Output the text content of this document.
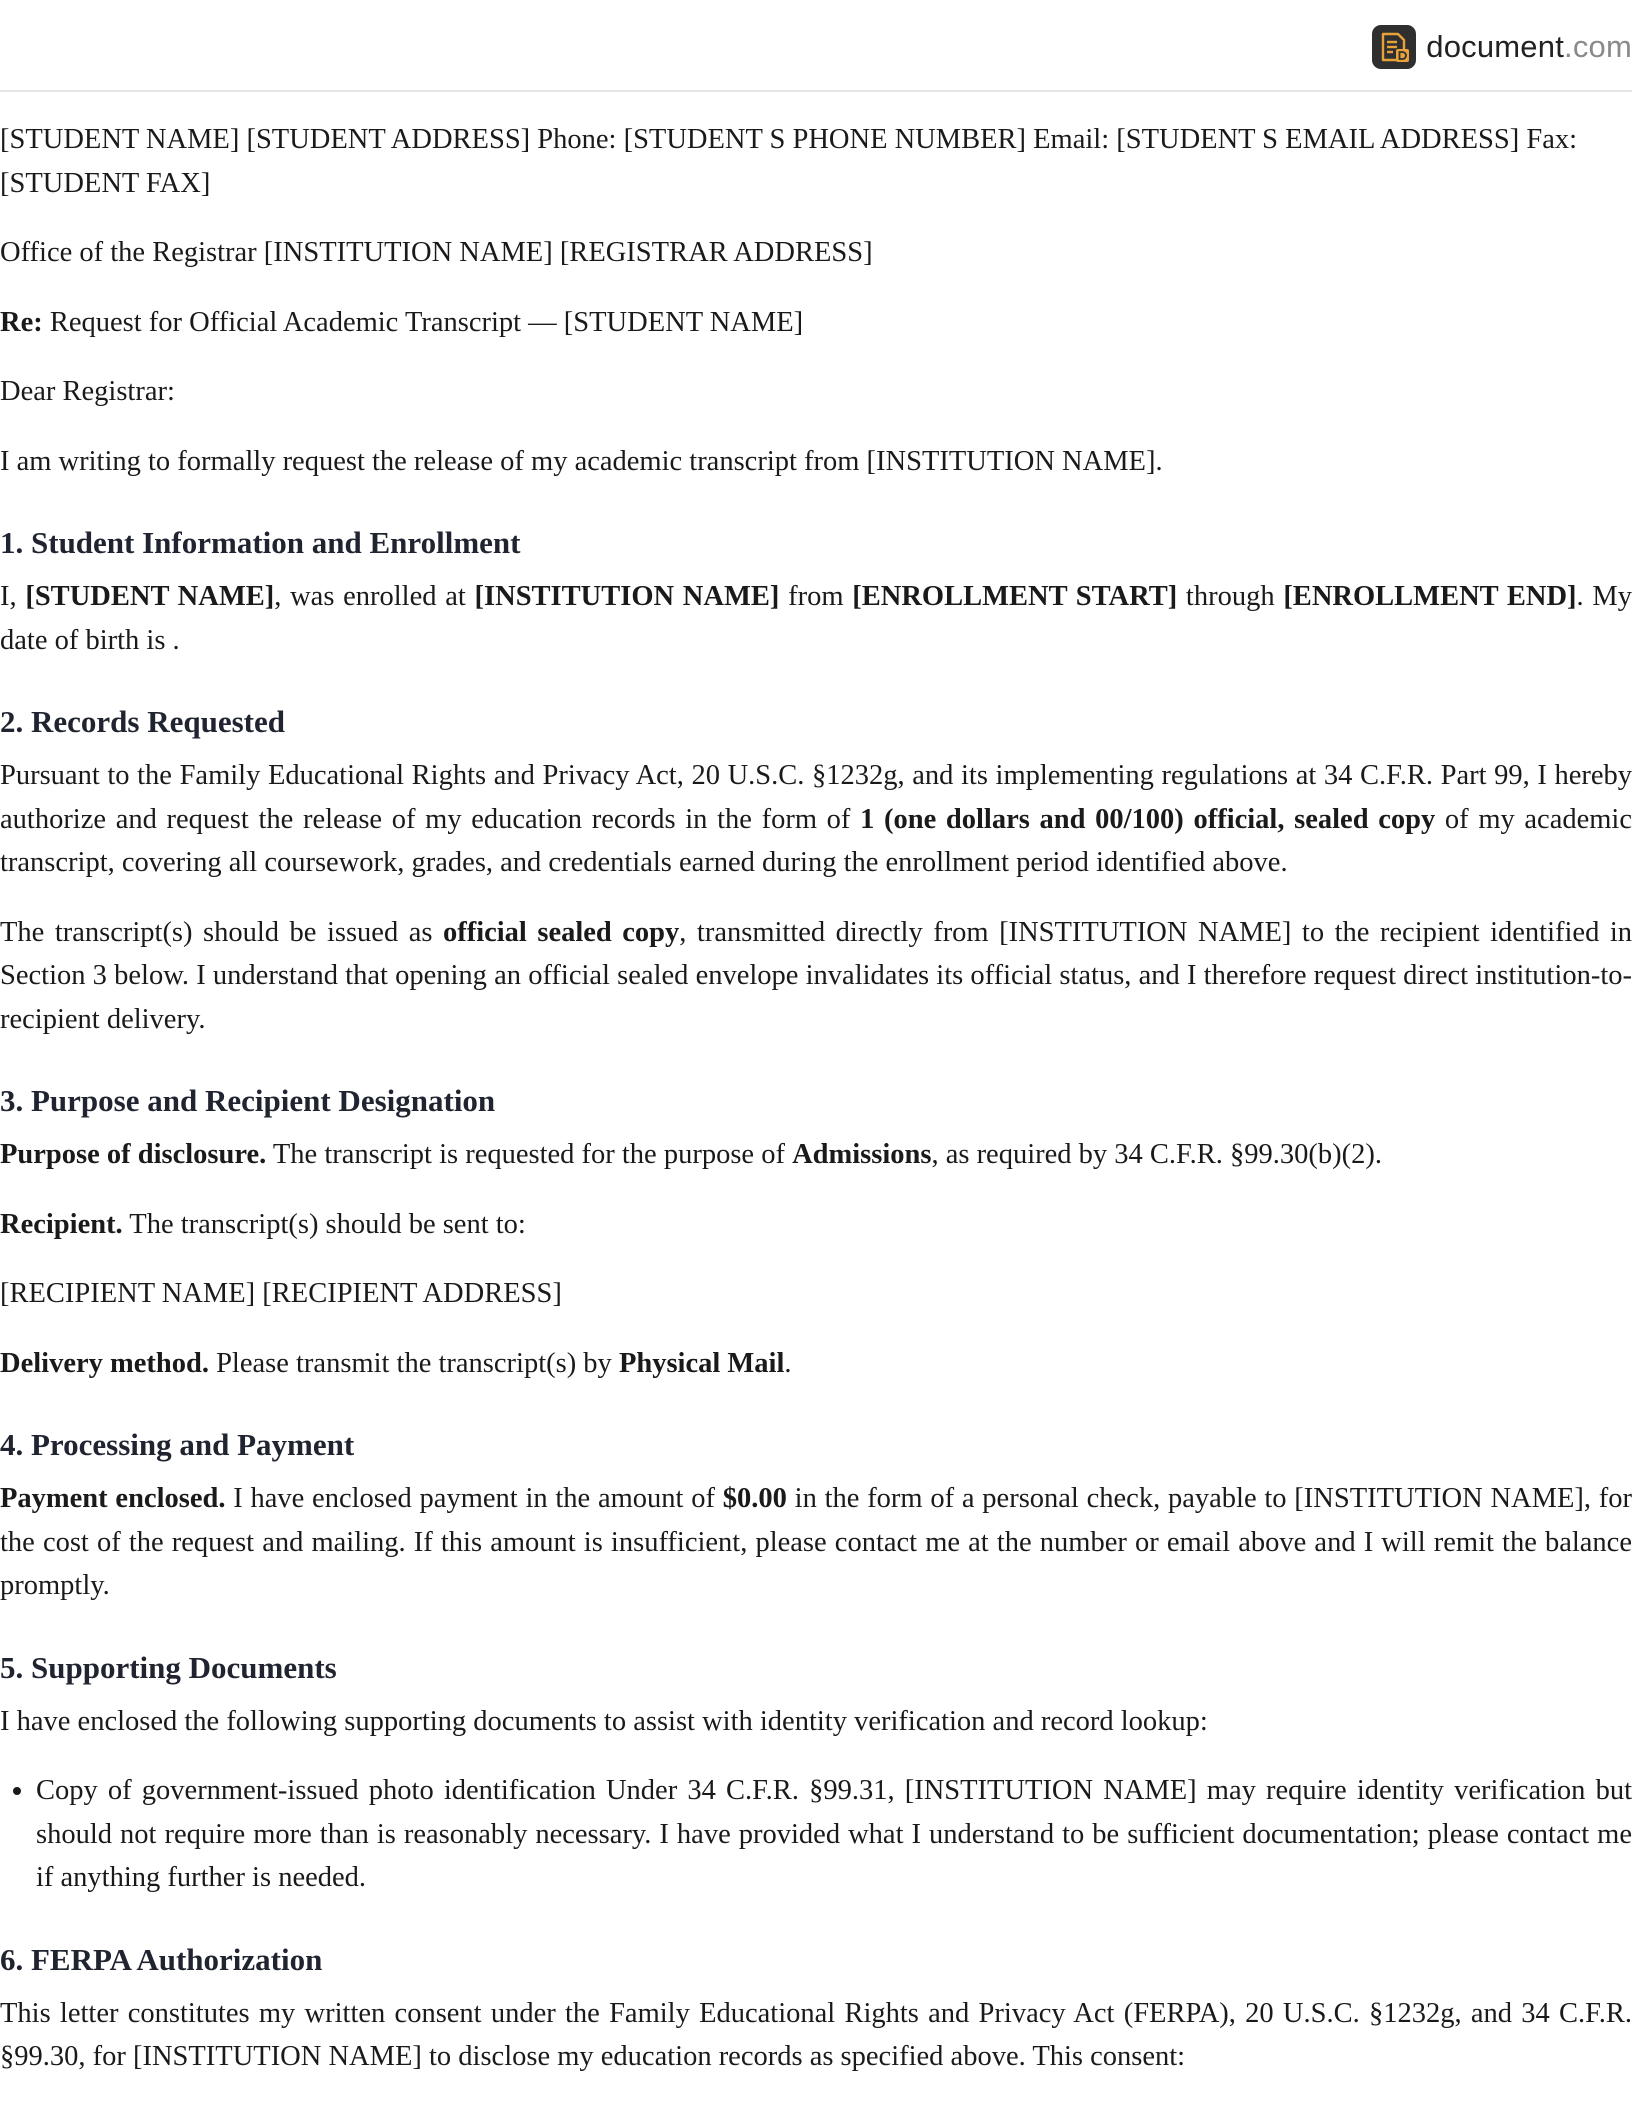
document.com

[STUDENT NAME] [STUDENT ADDRESS] Phone: [STUDENT S PHONE NUMBER] Email: [STUDENT S EMAIL ADDRESS] Fax: [STUDENT FAX]

Office of the Registrar [INSTITUTION NAME] [REGISTRAR ADDRESS]

Re: Request for Official Academic Transcript — [STUDENT NAME]

Dear Registrar:

I am writing to formally request the release of my academic transcript from [INSTITUTION NAME].

1. Student Information and Enrollment

I, [STUDENT NAME], was enrolled at [INSTITUTION NAME] from [ENROLLMENT START] through [ENROLLMENT END]. My date of birth is .

2. Records Requested

Pursuant to the Family Educational Rights and Privacy Act, 20 U.S.C. §1232g, and its implementing regulations at 34 C.F.R. Part 99, I hereby authorize and request the release of my education records in the form of 1 (one dollars and 00/100) official, sealed copy of my academic transcript, covering all coursework, grades, and credentials earned during the enrollment period identified above.

The transcript(s) should be issued as official sealed copy, transmitted directly from [INSTITUTION NAME] to the recipient identified in Section 3 below. I understand that opening an official sealed envelope invalidates its official status, and I therefore request direct institution-to-recipient delivery.

3. Purpose and Recipient Designation

Purpose of disclosure. The transcript is requested for the purpose of Admissions, as required by 34 C.F.R. §99.30(b)(2).

Recipient. The transcript(s) should be sent to:

[RECIPIENT NAME] [RECIPIENT ADDRESS]

Delivery method. Please transmit the transcript(s) by Physical Mail.

4. Processing and Payment

Payment enclosed. I have enclosed payment in the amount of $0.00 in the form of a personal check, payable to [INSTITUTION NAME], for the cost of the request and mailing. If this amount is insufficient, please contact me at the number or email above and I will remit the balance promptly.

5. Supporting Documents

I have enclosed the following supporting documents to assist with identity verification and record lookup:

• Copy of government-issued photo identification Under 34 C.F.R. §99.31, [INSTITUTION NAME] may require identity verification but should not require more than is reasonably necessary. I have provided what I understand to be sufficient documentation; please contact me if anything further is needed.
6. FERPA Authorization

This letter constitutes my written consent under the Family Educational Rights and Privacy Act (FERPA), 20 U.S.C. §1232g, and 34 C.F.R. §99.30, for [INSTITUTION NAME] to disclose my education records as specified above. This consent:
